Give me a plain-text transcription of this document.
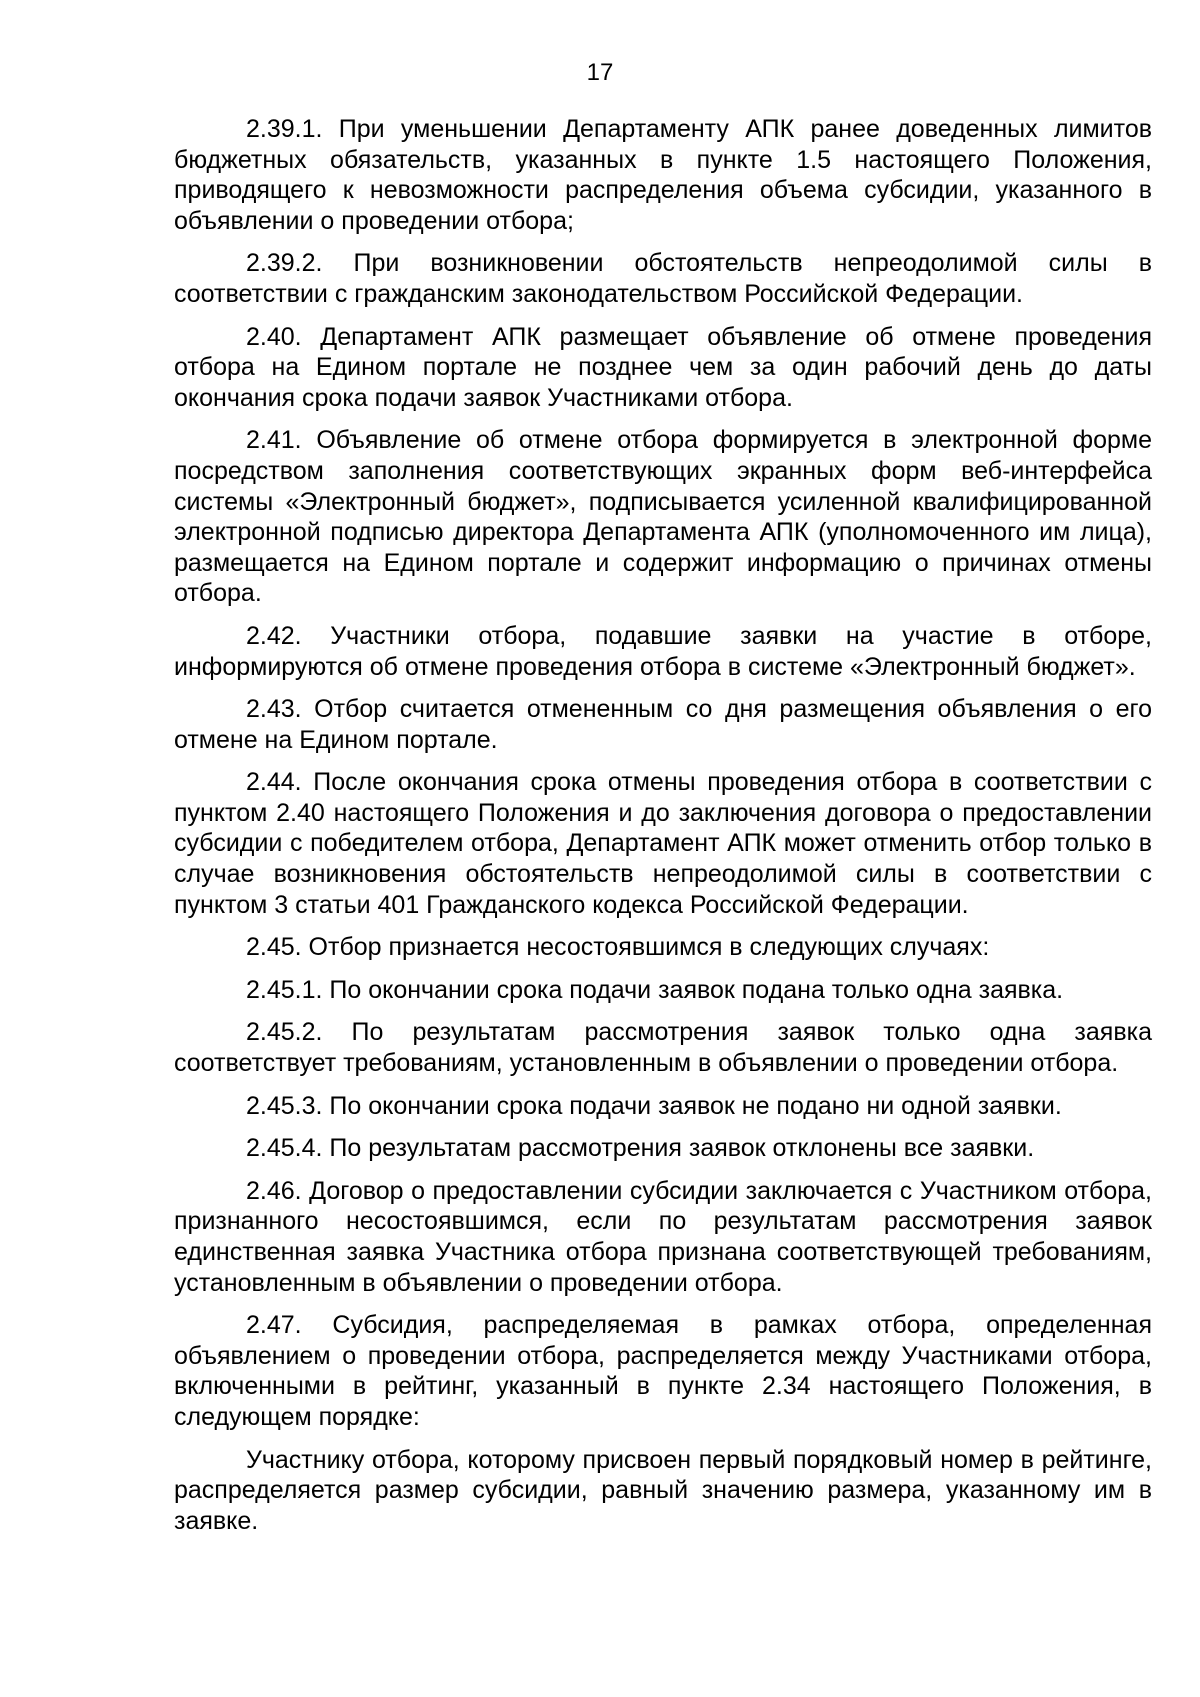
17

2.39.1. При уменьшении Департаменту АПК ранее доведенных лимитов бюджетных обязательств, указанных в пункте 1.5 настоящего Положения, приводящего к невозможности распределения объема субсидии, указанного в объявлении о проведении отбора;

2.39.2. При возникновении обстоятельств непреодолимой силы в соответствии с гражданским законодательством Российской Федерации.

2.40. Департамент АПК размещает объявление об отмене проведения отбора на Едином портале не позднее чем за один рабочий день до даты окончания срока подачи заявок Участниками отбора.

2.41. Объявление об отмене отбора формируется в электронной форме посредством заполнения соответствующих экранных форм веб-интерфейса системы «Электронный бюджет», подписывается усиленной квалифицированной электронной подписью директора Департамента АПК (уполномоченного им лица), размещается на Едином портале и содержит информацию о причинах отмены отбора.

2.42. Участники отбора, подавшие заявки на участие в отборе, информируются об отмене проведения отбора в системе «Электронный бюджет».

2.43. Отбор считается отмененным со дня размещения объявления о его отмене на Едином портале.

2.44. После окончания срока отмены проведения отбора в соответствии с пунктом 2.40 настоящего Положения и до заключения договора о предоставлении субсидии с победителем отбора, Департамент АПК может отменить отбор только в случае возникновения обстоятельств непреодолимой силы в соответствии с пунктом 3 статьи 401 Гражданского кодекса Российской Федерации.

2.45. Отбор признается несостоявшимся в следующих случаях:

2.45.1. По окончании срока подачи заявок подана только одна заявка.

2.45.2. По результатам рассмотрения заявок только одна заявка соответствует требованиям, установленным в объявлении о проведении отбора.

2.45.3. По окончании срока подачи заявок не подано ни одной заявки.

2.45.4. По результатам рассмотрения заявок отклонены все заявки.

2.46. Договор о предоставлении субсидии заключается с Участником отбора, признанного несостоявшимся, если по результатам рассмотрения заявок единственная заявка Участника отбора признана соответствующей требованиям, установленным в объявлении о проведении отбора.

2.47. Субсидия, распределяемая в рамках отбора, определенная объявлением о проведении отбора, распределяется между Участниками отбора, включенными в рейтинг, указанный в пункте 2.34 настоящего Положения, в следующем порядке:

Участнику отбора, которому присвоен первый порядковый номер в рейтинге, распределяется размер субсидии, равный значению размера, указанному им в заявке.
